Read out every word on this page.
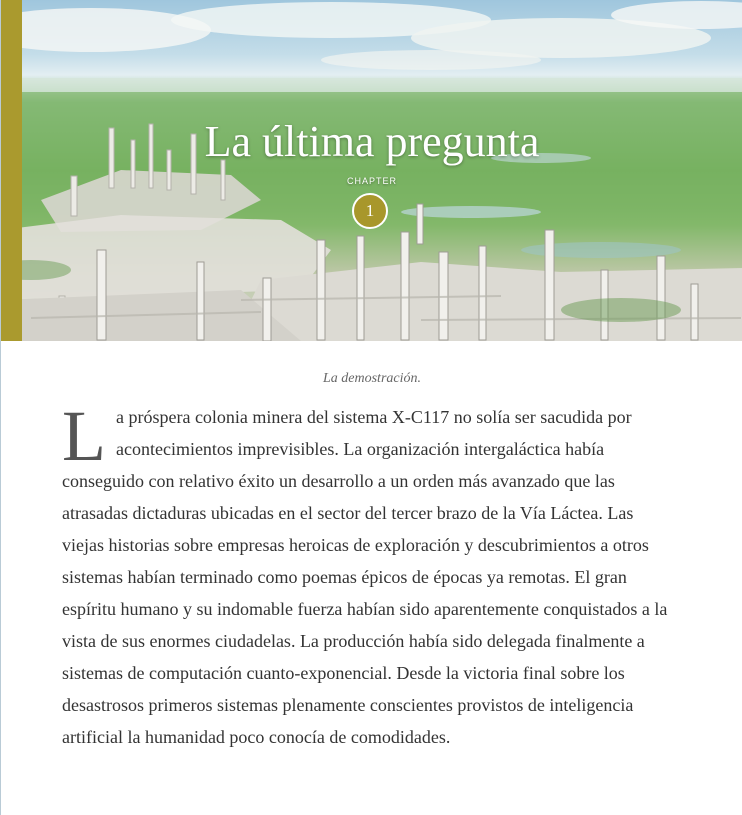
La última pregunta
CHAPTER
1
La demostración.

La próspera colonia minera del sistema X-C117 no solía ser sacudida por acontecimientos imprevisibles. La organización intergaláctica había conseguido con relativo éxito un desarrollo a un orden más avanzado que las atrasadas dictaduras ubicadas en el sector del tercer brazo de la Vía Láctea. Las viejas historias sobre empresas heroicas de exploración y descubrimientos a otros sistemas habían terminado como poemas épicos de épocas ya remotas. El gran espíritu humano y su indomable fuerza habían sido aparentemente conquistados a la vista de sus enormes ciudadelas. La producción había sido delegada finalmente a sistemas de computación cuanto-exponencial. Desde la victoria final sobre los desastrosos primeros sistemas plenamente conscientes provistos de inteligencia artificial la humanidad poco conocía de comodidades.
